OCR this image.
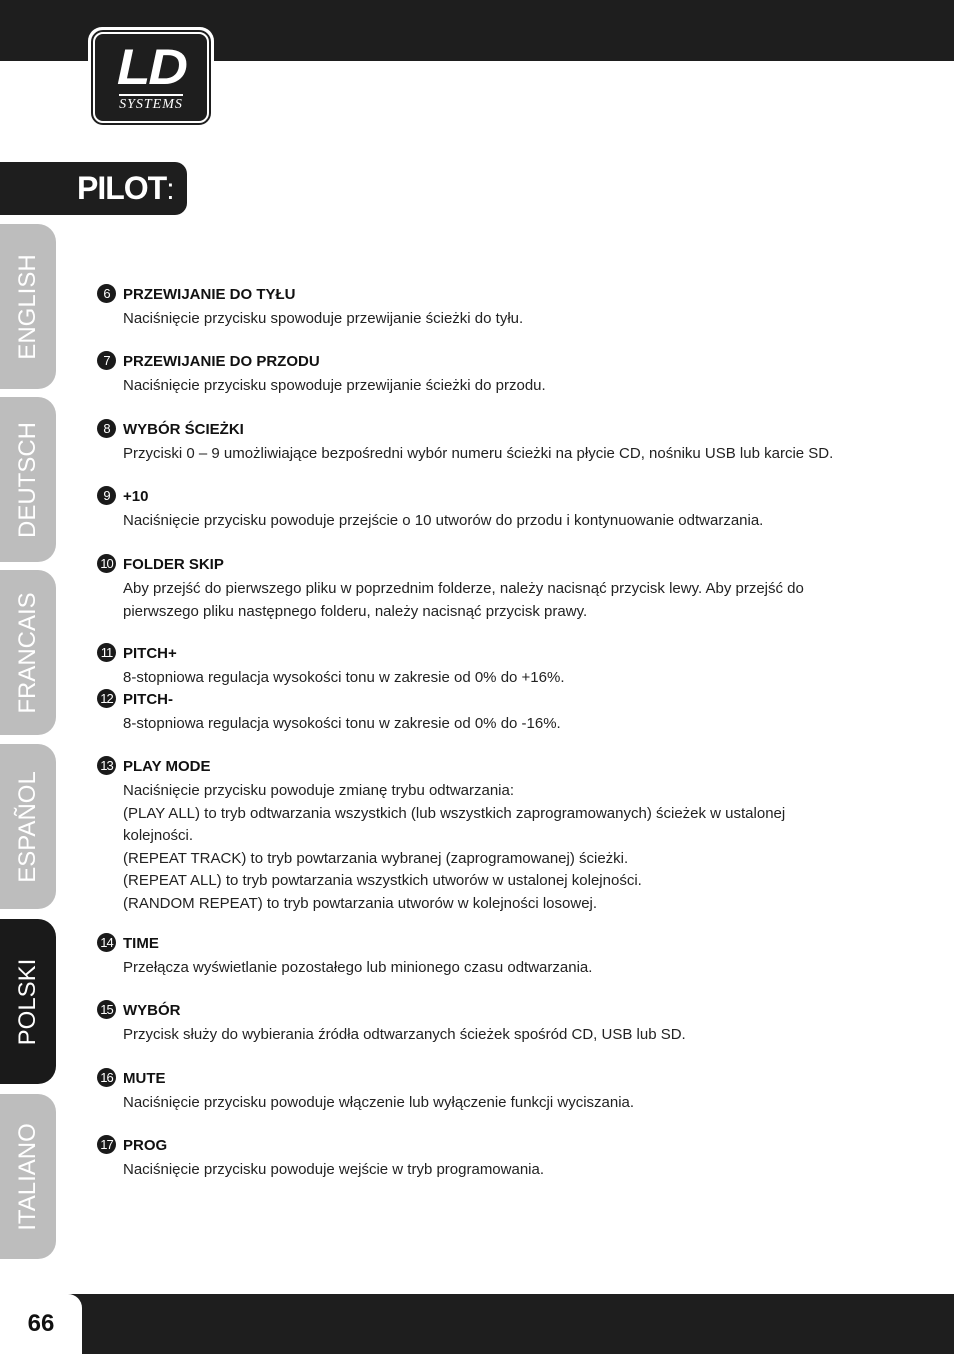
LD
SYSTEMS
PILOT:
ENGLISH
DEUTSCH
FRANCAIS
ESPAÑOL
POLSKI
ITALIANO
6 PRZEWIJANIE DO TYŁU

Naciśnięcie przycisku spowoduje przewijanie ścieżki do tyłu.

7 PRZEWIJANIE DO PRZODU

Naciśnięcie przycisku spowoduje przewijanie ścieżki do przodu.

8 WYBÓR ŚCIEŻKI

Przyciski 0 – 9 umożliwiające bezpośredni wybór numeru ścieżki na płycie CD, nośniku USB lub karcie SD.

9 +10

Naciśnięcie przycisku powoduje przejście o 10 utworów do przodu i kontynuowanie odtwarzania.

10 FOLDER SKIP

Aby przejść do pierwszego pliku w poprzednim folderze, należy nacisnąć przycisk lewy. Aby przejść do

pierwszego pliku następnego folderu, należy nacisnąć przycisk prawy.

11 PITCH+

8-stopniowa regulacja wysokości tonu w zakresie od 0% do +16%.

12 PITCH-

8-stopniowa regulacja wysokości tonu w zakresie od 0% do -16%.

13 PLAY MODE

Naciśnięcie przycisku powoduje zmianę trybu odtwarzania:

(PLAY ALL) to tryb odtwarzania wszystkich (lub wszystkich zaprogramowanych) ścieżek w ustalonej

kolejności.

(REPEAT TRACK) to tryb powtarzania wybranej (zaprogramowanej) ścieżki.

(REPEAT ALL) to tryb powtarzania wszystkich utworów w ustalonej kolejności.

(RANDOM REPEAT) to tryb powtarzania utworów w kolejności losowej.

14 TIME

Przełącza wyświetlanie pozostałego lub minionego czasu odtwarzania.

15 WYBÓR

Przycisk służy do wybierania źródła odtwarzanych ścieżek spośród CD, USB lub SD.

16 MUTE

Naciśnięcie przycisku powoduje włączenie lub wyłączenie funkcji wyciszania.

17 PROG

Naciśnięcie przycisku powoduje wejście w tryb programowania.

66
